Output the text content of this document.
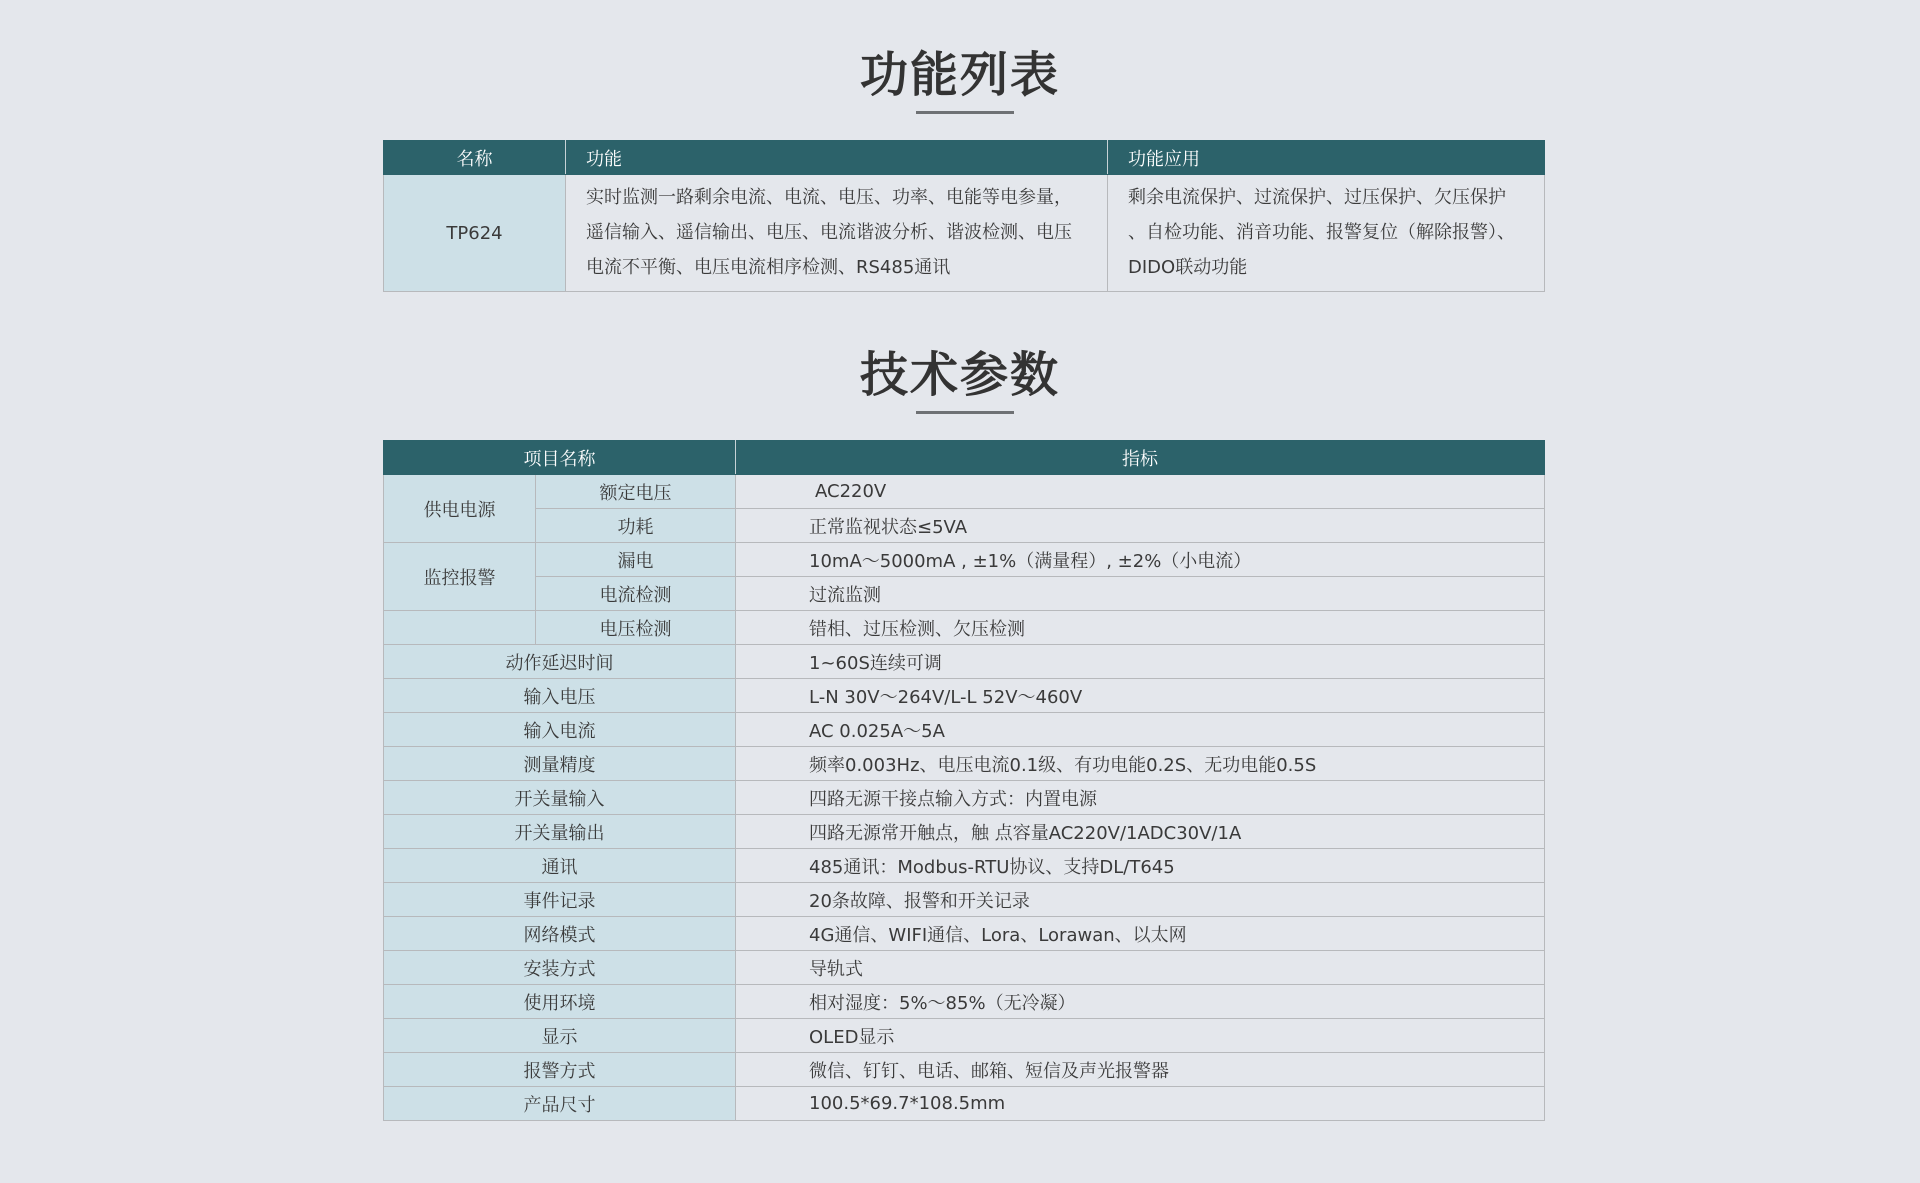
功能列表
名称	功能	功能应用
TP624	实时监测一路剩余电流、电流、电压、功率、电能等电参量，遥信输入、遥信输出、电压、电流谐波分析、谐波检测、电压电流不平衡、电压电流相序检测、RS485通讯	剩余电流保护、过流保护、过压保护、欠压保护 、自检功能、消音功能、报警复位（解除报警）、DIDO联动功能
技术参数
项目名称		指标
供电电源	额定电压	AC220V
	功耗	正常监视状态≤5VA
监控报警	漏电	10mA～5000mA , ±1%（满量程）, ±2%（小电流）
	电流检测	过流监测
	电压检测	错相、过压检测、欠压检测
动作延迟时间		1~60S连续可调
输入电压		L-N 30V～264V/L-L 52V～460V
输入电流		AC 0.025A～5A
测量精度		频率0.003Hz、电压电流0.1级、有功电能0.2S、无功电能0.5S
开关量输入		四路无源干接点输入方式：内置电源
开关量输出		四路无源常开触点，触 点容量AC220V/1ADC30V/1A
通讯		485通讯：Modbus-RTU协议、支持DL/T645
事件记录		20条故障、报警和开关记录
网络模式		4G通信、WIFI通信、Lora、Lorawan、以太网
安装方式		导轨式
使用环境		相对湿度：5%～85%（无冷凝）
显示		OLED显示
报警方式		微信、钉钉、电话、邮箱、短信及声光报警器
产品尺寸		100.5*69.7*108.5mm
